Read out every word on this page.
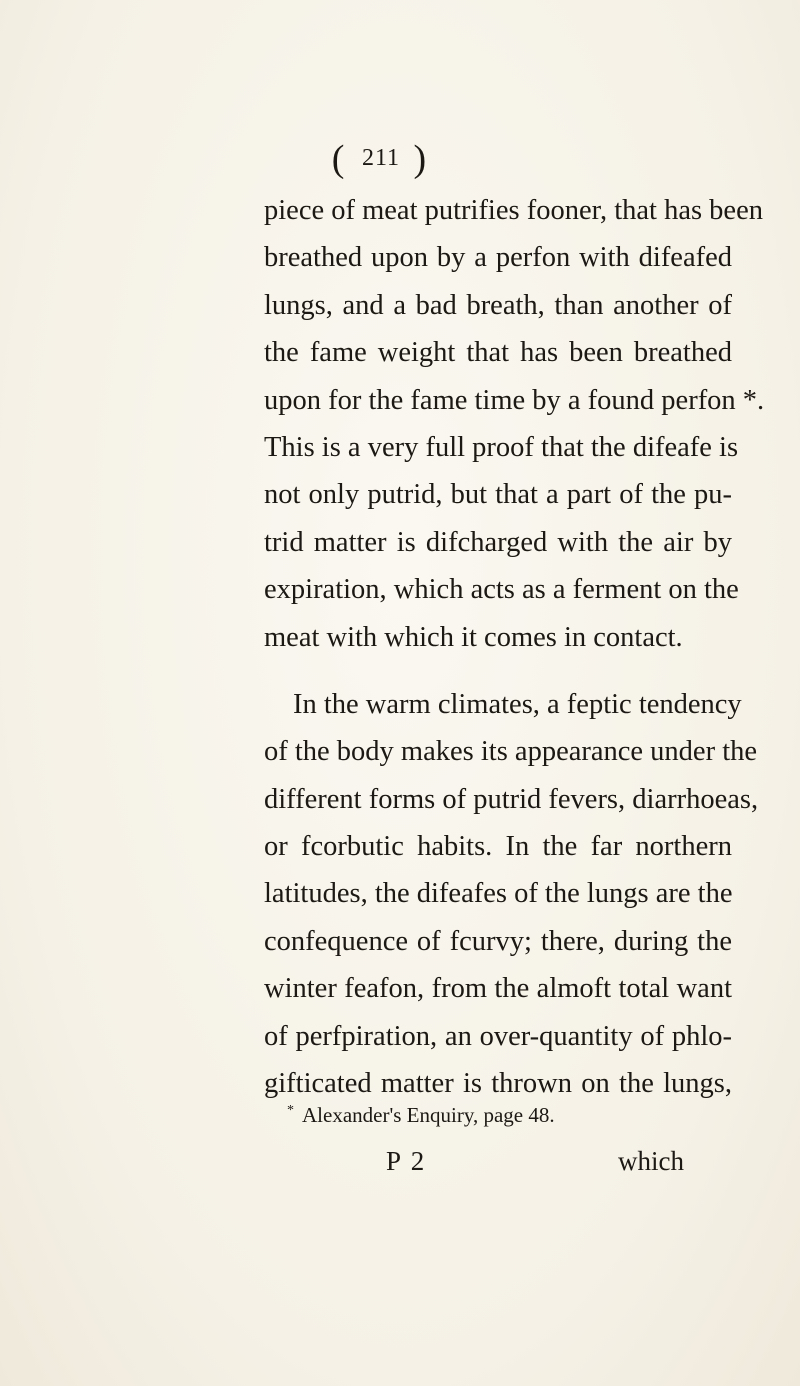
( 211 )
piece of meat putrifies fooner, that has been
breathed upon by a perfon with difeafed
lungs, and a bad breath, than another of
the fame weight that has been breathed
upon for the fame time by a found perfon *.
This is a very full proof that the difeafe is
not only putrid, but that a part of the pu-
trid matter is difcharged with the air by
expiration, which acts as a ferment on the
meat with which it comes in contact.
In the warm climates, a feptic tendency
of the body makes its appearance under the
different forms of putrid fevers, diarrhoeas,
or fcorbutic habits. In the far northern
latitudes, the difeafes of the lungs are the
confequence of fcurvy; there, during the
winter feafon, from the almoft total want
of perfpiration, an over-quantity of phlo-
gifticated matter is thrown on the lungs,
* Alexander's Enquiry, page 48.
P 2	which
